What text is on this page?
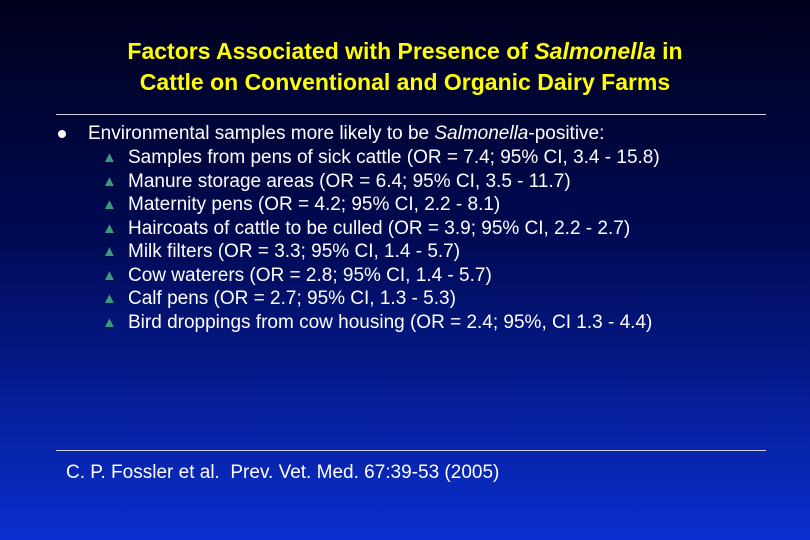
Factors Associated with Presence of Salmonella in
Cattle on Conventional and Organic Dairy Farms
Environmental samples more likely to be Salmonella-positive:
▲ Samples from pens of sick cattle (OR = 7.4; 95% CI, 3.4 - 15.8)
▲ Manure storage areas (OR = 6.4; 95% CI, 3.5 - 11.7)
▲ Maternity pens (OR = 4.2; 95% CI, 2.2 - 8.1)
▲ Haircoats of cattle to be culled (OR = 3.9; 95% CI, 2.2 - 2.7)
▲ Milk filters (OR = 3.3; 95% CI, 1.4 - 5.7)
▲ Cow waterers (OR = 2.8; 95% CI, 1.4 - 5.7)
▲ Calf pens (OR = 2.7; 95% CI, 1.3 - 5.3)
▲ Bird droppings from cow housing (OR = 2.4; 95%, CI 1.3 - 4.4)
C. P. Fossler et al.  Prev. Vet. Med. 67:39-53 (2005)
